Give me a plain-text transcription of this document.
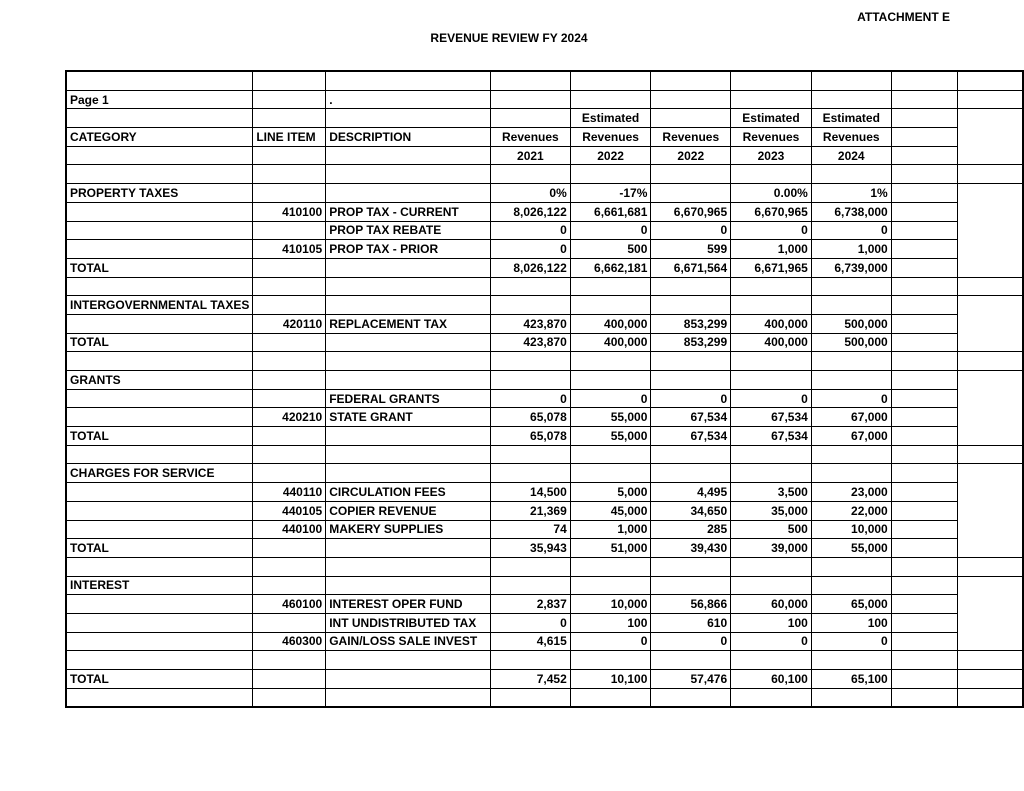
ATTACHMENT E
REVENUE REVIEW FY 2024

Page 1		.							
				Estimated		Estimated	Estimated		
CATEGORY	LINE ITEM	DESCRIPTION	Revenues	Revenues	Revenues	Revenues	Revenues		
			2021	2022	2022	2023	2024		

PROPERTY TAXES			0%	-17%		0.00%	1%		
	410100	PROP TAX - CURRENT	8,026,122	6,661,681	6,670,965	6,670,965	6,738,000		
		PROP TAX REBATE	0	0	0	0	0		
	410105	PROP TAX - PRIOR	0	500	599	1,000	1,000		
TOTAL			8,026,122	6,662,181	6,671,564	6,671,965	6,739,000		

INTERGOVERNMENTAL TAXES									
	420110	REPLACEMENT TAX	423,870	400,000	853,299	400,000	500,000		
TOTAL			423,870	400,000	853,299	400,000	500,000		

GRANTS									
		FEDERAL GRANTS	0	0	0	0	0		
	420210	STATE GRANT	65,078	55,000	67,534	67,534	67,000		
TOTAL			65,078	55,000	67,534	67,534	67,000		

CHARGES FOR SERVICE									
	440110	CIRCULATION FEES	14,500	5,000	4,495	3,500	23,000		
	440105	COPIER REVENUE	21,369	45,000	34,650	35,000	22,000		
	440100	MAKERY SUPPLIES	74	1,000	285	500	10,000		
TOTAL			35,943	51,000	39,430	39,000	55,000		

INTEREST									
	460100	INTEREST OPER FUND	2,837	10,000	56,866	60,000	65,000		
		INT UNDISTRIBUTED TAX	0	100	610	100	100		
	460300	GAIN/LOSS SALE INVEST	4,615	0	0	0	0		

TOTAL			7,452	10,100	57,476	60,100	65,100		
